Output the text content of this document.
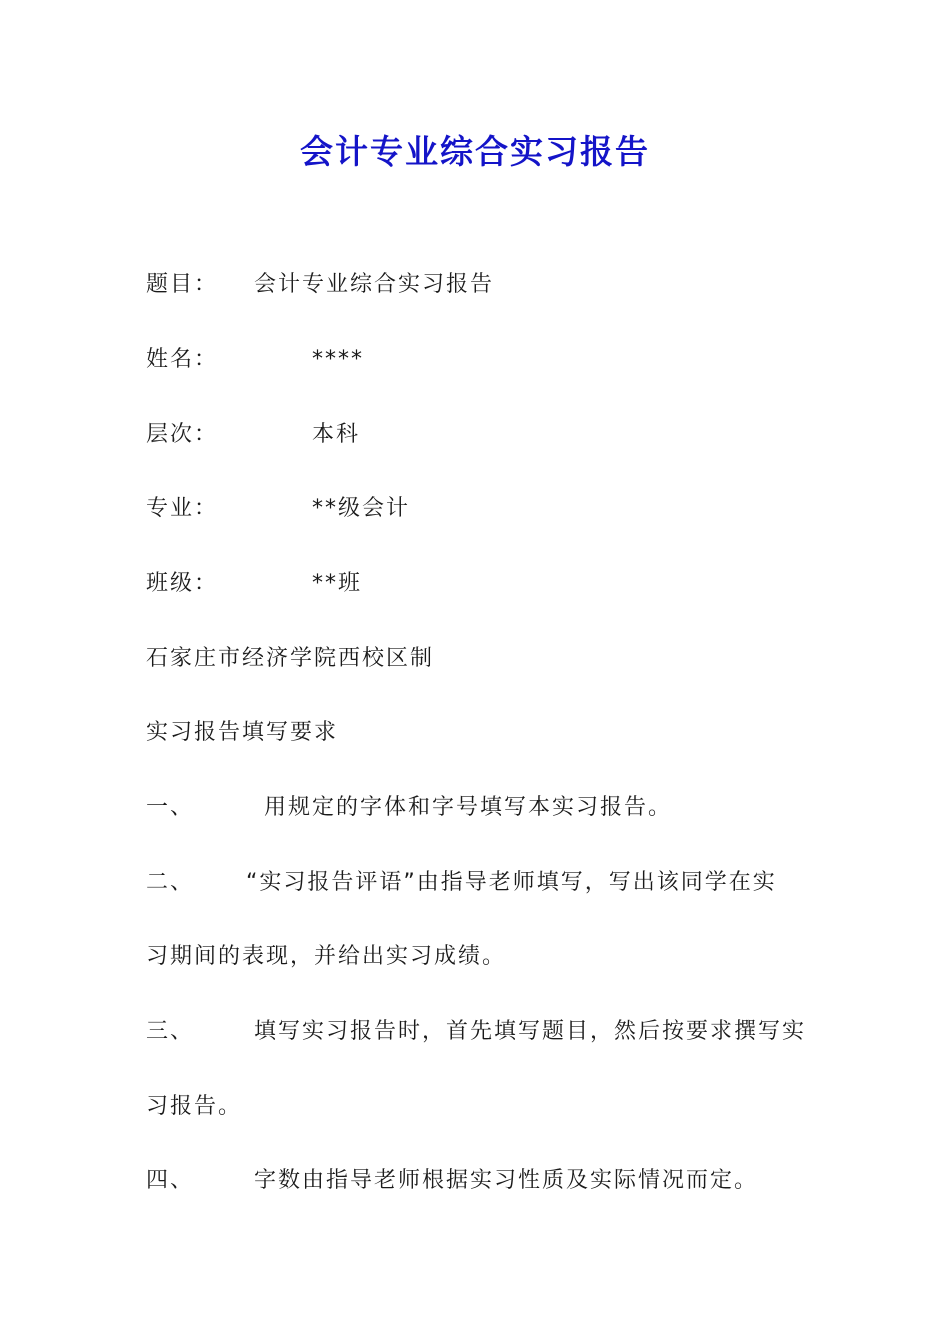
会计专业综合实习报告
题目： 会计专业综合实习报告
姓名：	****
层次：	本科
专业：	**级会计
班级：	**班
石家庄市经济学院西校区制
实习报告填写要求
一、	用规定的字体和字号填写本实习报告。
二、 “实习报告评语”由指导老师填写，写出该同学在实
习期间的表现，并给出实习成绩。
三、	填写实习报告时，首先填写题目，然后按要求撰写实
习报告。
四、	字数由指导老师根据实习性质及实际情况而定。
